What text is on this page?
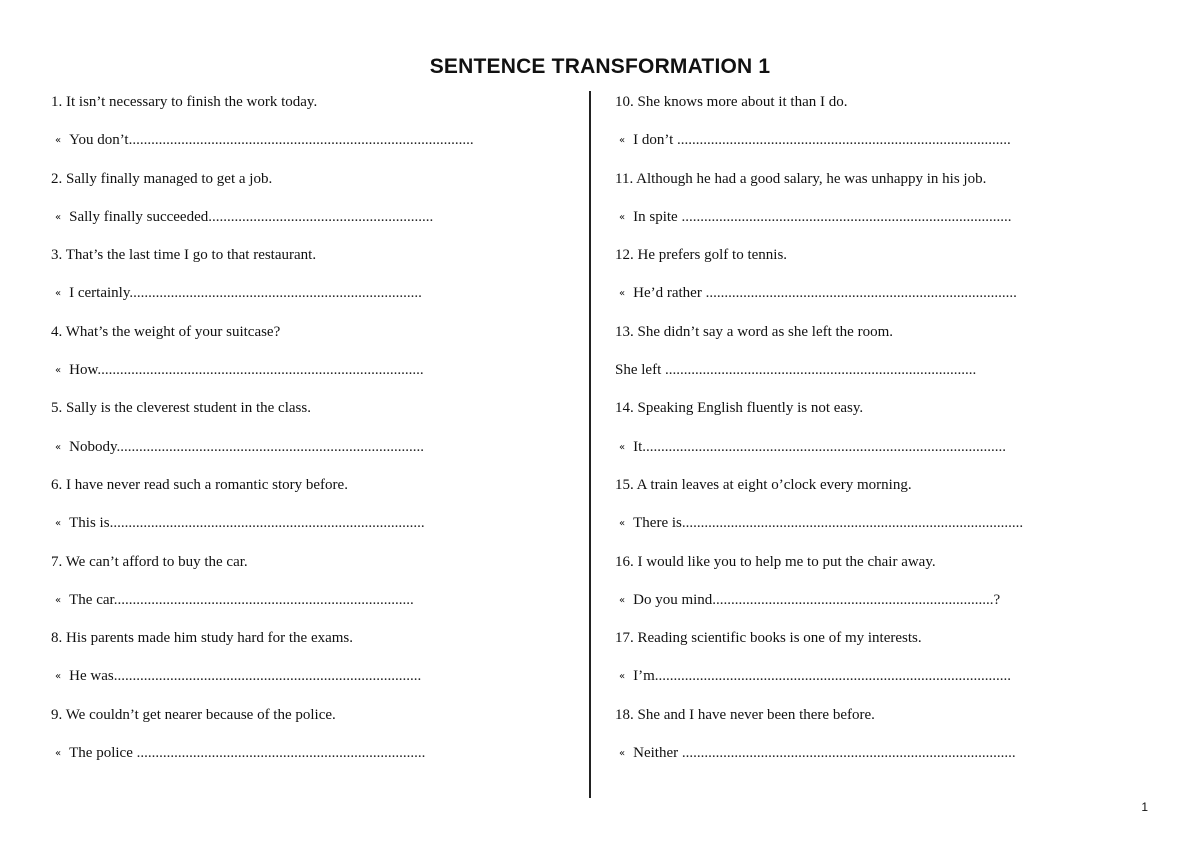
SENTENCE TRANSFORMATION 1
1. It isn’t necessary to finish the work today.
« You don’t............................................................................................
2. Sally finally managed to get a job.
« Sally finally succeeded............................................................
3. That’s the last time I go to that restaurant.
« I certainly..............................................................................
4. What’s the weight of your suitcase?
« How.......................................................................................
5. Sally is the cleverest student in the class.
« Nobody..................................................................................
6. I have never read such a romantic story before.
« This is....................................................................................
7. We can’t afford to buy the car.
« The car................................................................................
8. His parents made him study hard for the exams.
« He was..................................................................................
9. We couldn’t get nearer because of the police.
« The police .............................................................................
10. She knows more about it than I do.
« I don’t .........................................................................................
11. Although he had a good salary, he was unhappy in his job.
« In spite ........................................................................................
12. He prefers golf to tennis.
« He’d rather ...................................................................................
13. She didn’t say a word as she left the room.
She left ...................................................................................
14. Speaking English fluently is not easy.
« It.................................................................................................
15. A train leaves at eight o’clock every morning.
« There is...........................................................................................
16. I would like you to help me to put the chair away.
« Do you mind...........................................................................?
17. Reading scientific books is one of my interests.
« I’m...............................................................................................
18. She and I have never been there before.
« Neither .........................................................................................
1
